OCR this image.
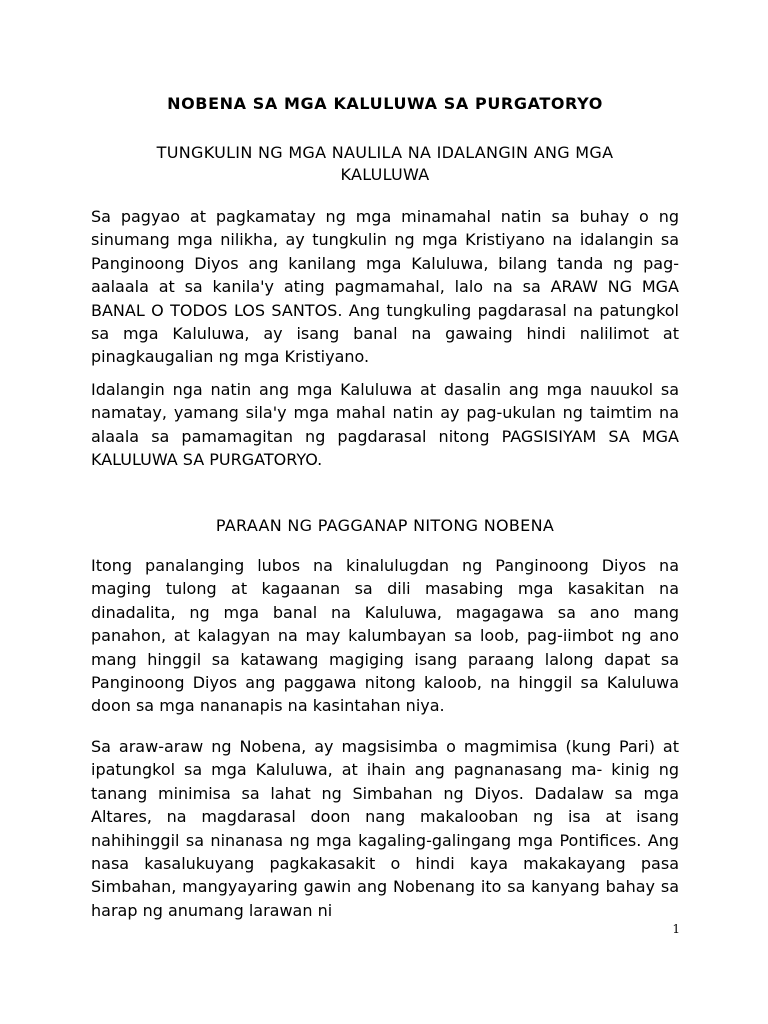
NOBENA SA MGA KALULUWA SA PURGATORYO
TUNGKULIN NG MGA NAULILA NA IDALANGIN ANG MGA KALULUWA

Sa pagyao at pagkamatay ng mga minamahal natin sa buhay o ng sinumang mga nilikha, ay tungkulin ng mga Kristiyano na idalangin sa Panginoong Diyos ang kanilang mga Kaluluwa, bilang tanda ng pag-aalaala at sa kanila'y ating pagmamahal, lalo na sa ARAW NG MGA BANAL O TODOS LOS SANTOS. Ang tungkuling pagdarasal na patungkol sa mga Kaluluwa, ay isang banal na gawaing hindi nalilimot at pinagkaugalian ng mga Kristiyano.

Idalangin nga natin ang mga Kaluluwa at dasalin ang mga nauukol sa namatay, yamang sila'y mga mahal natin ay pag-ukulan ng taimtim na alaala sa pamamagitan ng pagdarasal nitong PAGSISIYAM SA MGA KALULUWA SA PURGATORYO.

PARAAN NG PAGGANAP NITONG NOBENA

Itong panalanging lubos na kinalulugdan ng Panginoong Diyos na maging tulong at kagaanan sa dili masabing mga kasakitan na dinadalita, ng mga banal na Kaluluwa, magagawa sa ano mang panahon, at kalagyan na may kalumbayan sa loob, pag-iimbot ng ano mang hinggil sa katawang magiging isang paraang lalong dapat sa Panginoong Diyos ang paggawa nitong kaloob, na hinggil sa Kaluluwa doon sa mga nananapis na kasintahan niya.

Sa araw-araw ng Nobena, ay magsisimba o magmimisa (kung Pari) at ipatungkol sa mga Kaluluwa, at ihain ang pagnanasang ma- kinig ng tanang minimisa sa lahat ng Simbahan ng Diyos. Dadalaw sa mga Altares, na magdarasal doon nang makalooban ng isa at isang nahihinggil sa ninanasa ng mga kagaling-galingang mga Pontifices. Ang nasa kasalukuyang pagkakasakit o hindi kaya makakayang pasa Simbahan, mangyayaring gawin ang Nobenang ito sa kanyang bahay sa harap ng anumang larawan ni

1
